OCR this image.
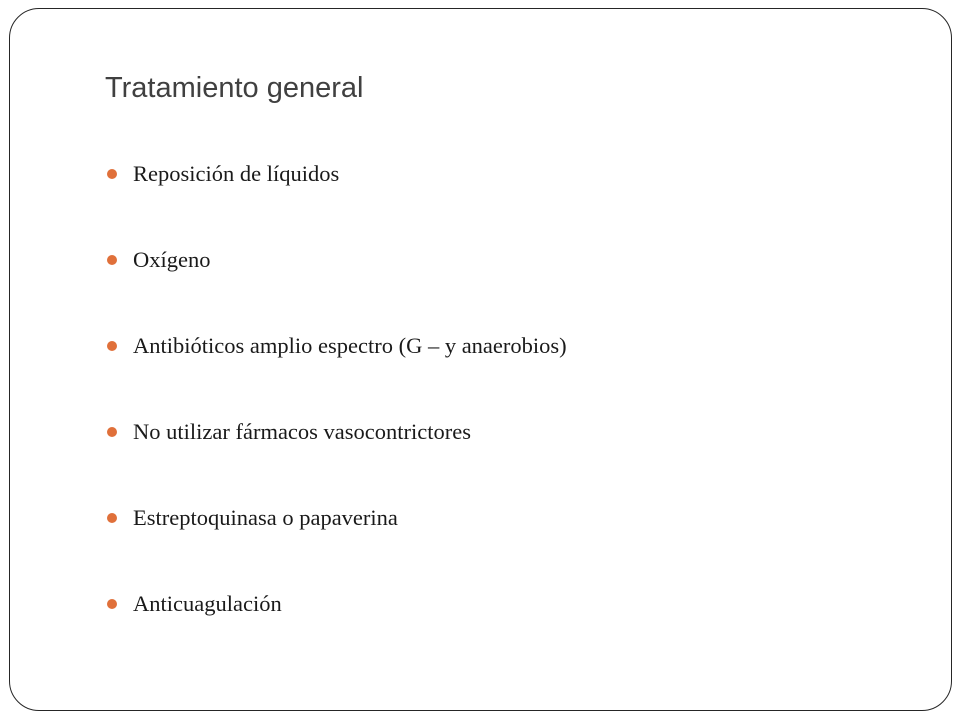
Tratamiento general
Reposición de líquidos
Oxígeno
Antibióticos amplio espectro (G – y anaerobios)
No utilizar fármacos vasocontrictores
Estreptoquinasa o papaverina
Anticuagulación
